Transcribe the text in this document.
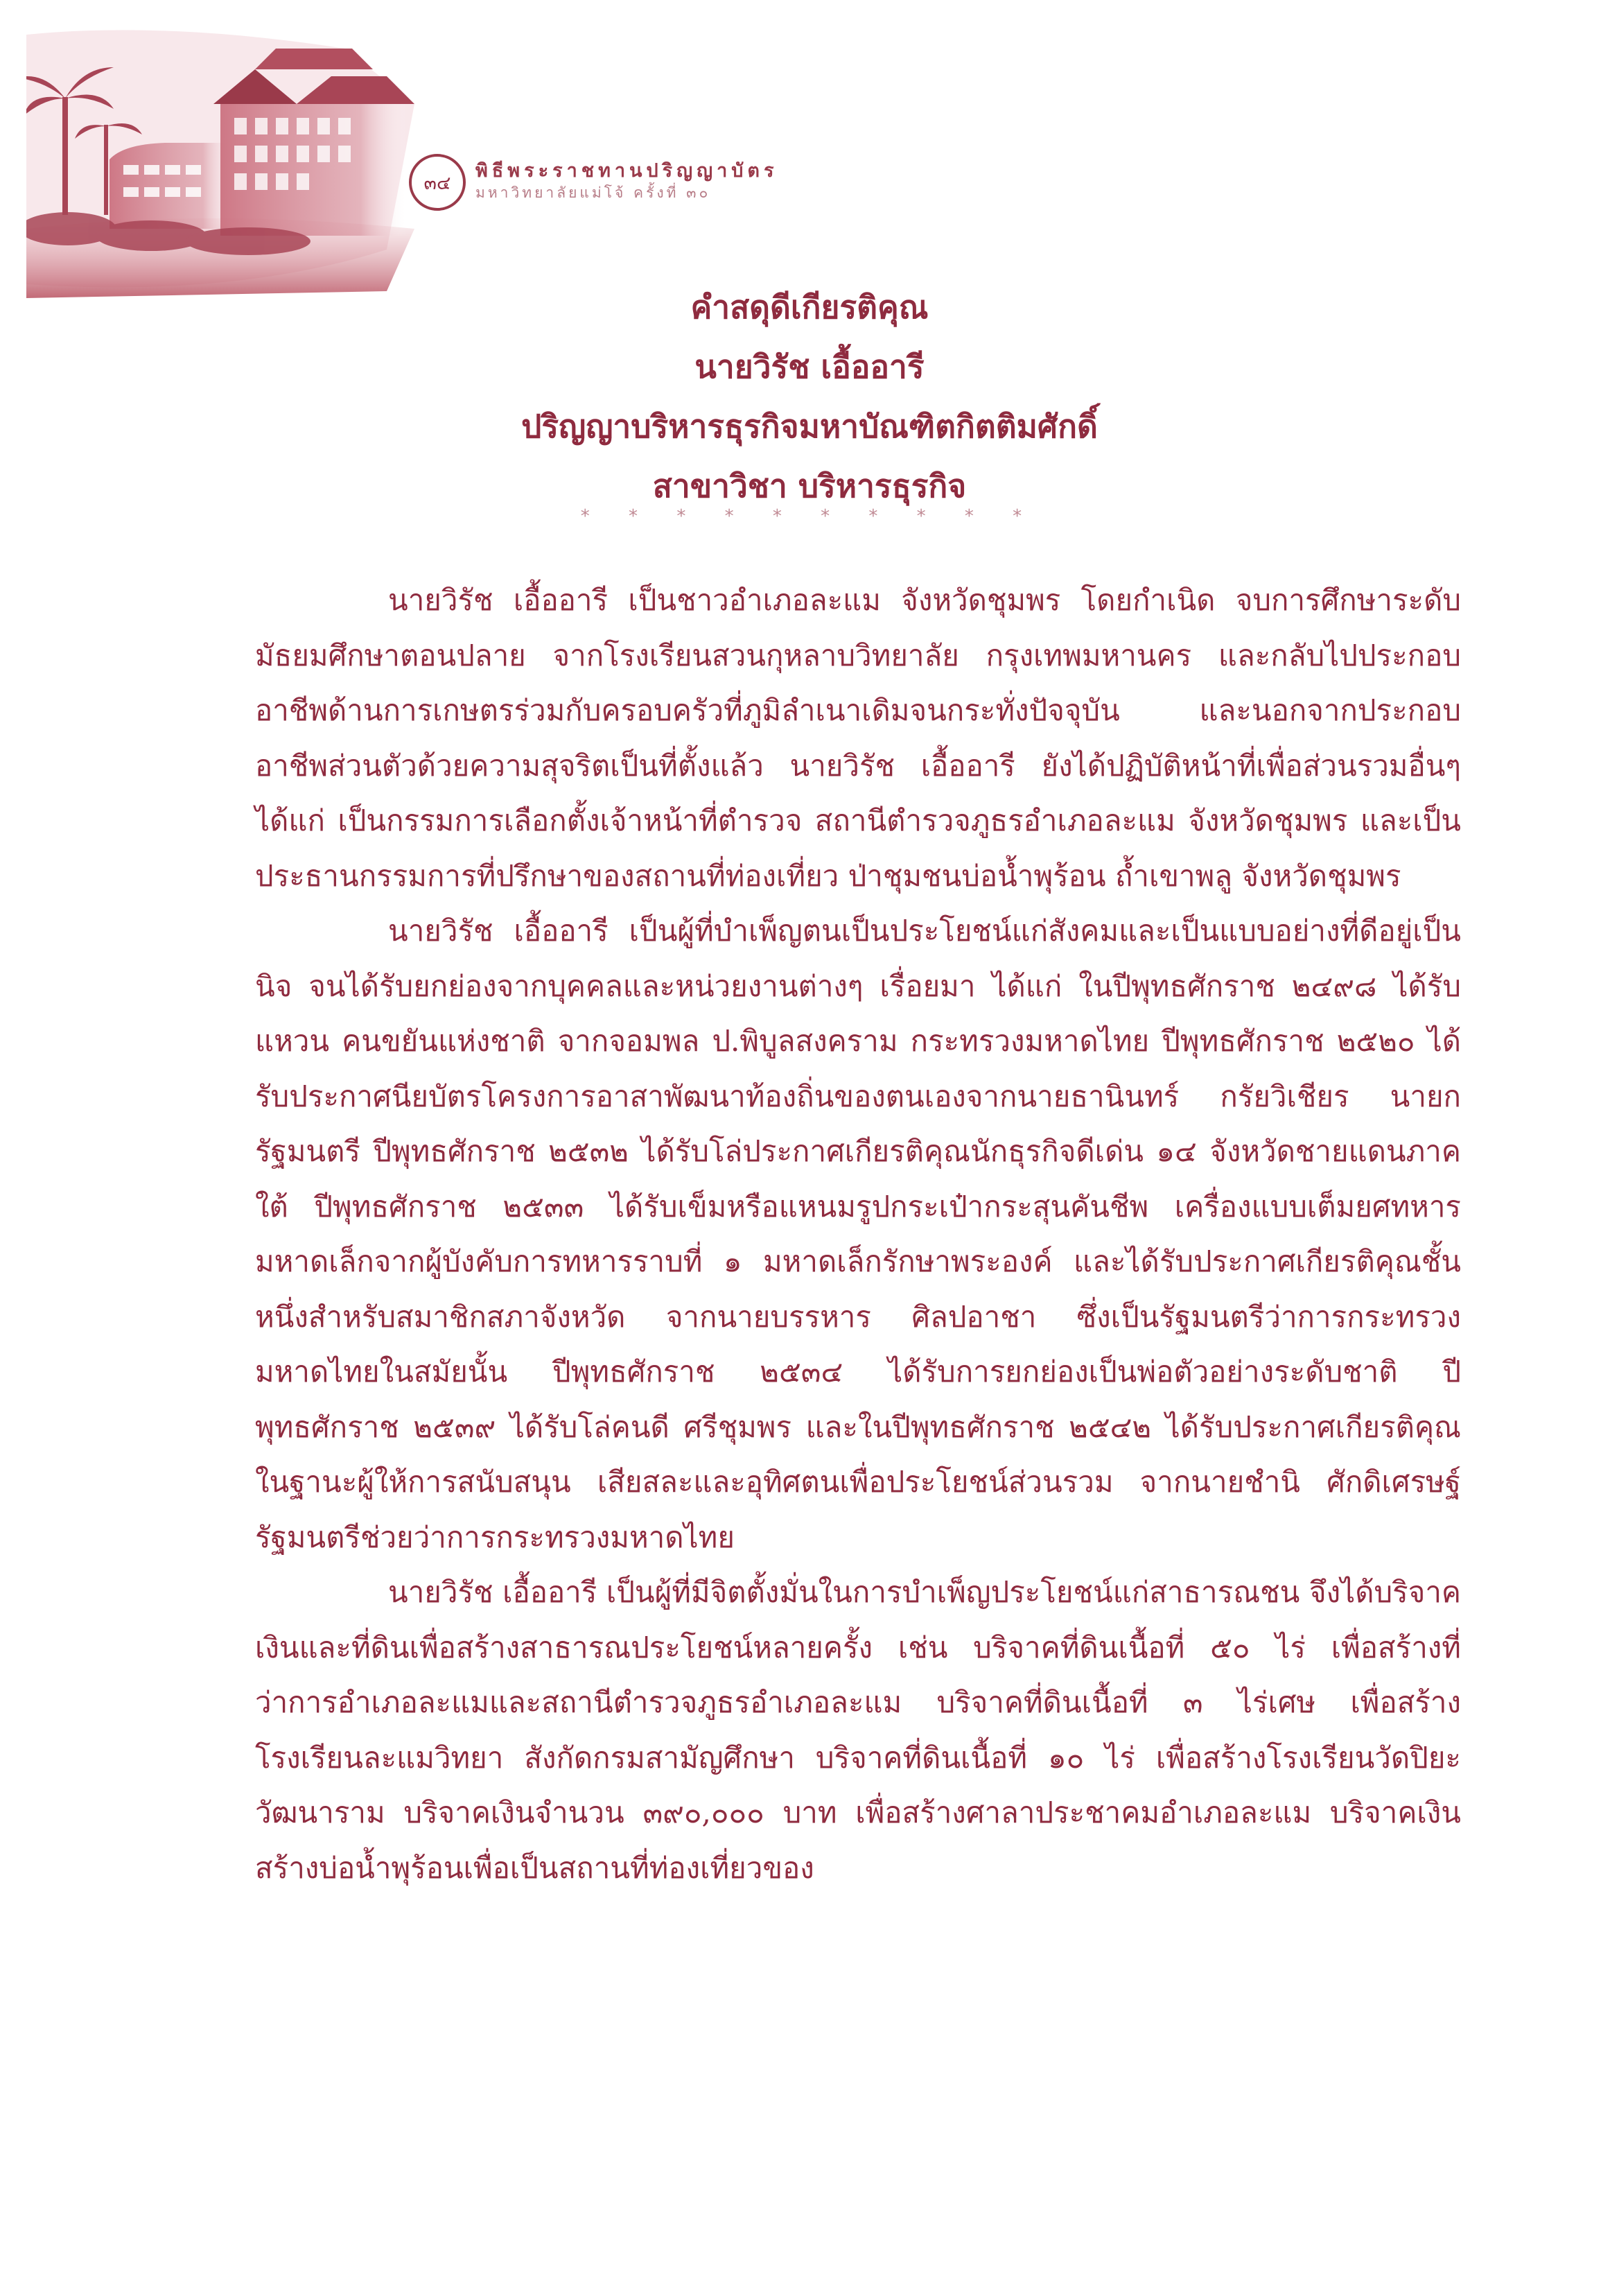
๓๔
พิธีพระราชทานปริญญาบัตร
มหาวิทยาลัยแม่โจ้ ครั้งที่ ๓๐
คำสดุดีเกียรติคุณ
นายวิรัช เอื้ออารี
ปริญญาบริหารธุรกิจมหาบัณฑิตกิตติมศักดิ์
สาขาวิชา บริหารธุรกิจ
* * * * * * * * * *

นายวิรัช เอื้ออารี เป็นชาวอำเภอละแม จังหวัดชุมพร โดยกำเนิด จบการศึกษาระดับมัธยมศึกษาตอนปลาย จากโรงเรียนสวนกุหลาบวิทยาลัย กรุงเทพมหานคร และกลับไปประกอบอาชีพด้านการเกษตรร่วมกับครอบครัวที่ภูมิลำเนาเดิมจนกระทั่งปัจจุบัน และนอกจากประกอบอาชีพส่วนตัวด้วยความสุจริตเป็นที่ตั้งแล้ว นายวิรัช เอื้ออารี ยังได้ปฏิบัติหน้าที่เพื่อส่วนรวมอื่นๆ ได้แก่ เป็นกรรมการเลือกตั้งเจ้าหน้าที่ตำรวจ สถานีตำรวจภูธรอำเภอละแม จังหวัดชุมพร และเป็นประธานกรรมการที่ปรึกษาของสถานที่ท่องเที่ยว ป่าชุมชนบ่อน้ำพุร้อน ถ้ำเขาพลู จังหวัดชุมพร

นายวิรัช เอื้ออารี เป็นผู้ที่บำเพ็ญตนเป็นประโยชน์แก่สังคมและเป็นแบบอย่างที่ดีอยู่เป็นนิจ จนได้รับยกย่องจากบุคคลและหน่วยงานต่างๆ เรื่อยมา ได้แก่ ในปีพุทธศักราช ๒๔๙๘ ได้รับแหวน คนขยันแห่งชาติ จากจอมพล ป.พิบูลสงคราม กระทรวงมหาดไทย ปีพุทธศักราช ๒๕๒๐ ได้รับประกาศนียบัตรโครงการอาสาพัฒนาท้องถิ่นของตนเองจากนายธานินทร์ กรัยวิเชียร นายกรัฐมนตรี ปีพุทธศักราช ๒๕๓๒ ได้รับโล่ประกาศเกียรติคุณนักธุรกิจดีเด่น ๑๔ จังหวัดชายแดนภาคใต้ ปีพุทธศักราช ๒๕๓๓ ได้รับเข็มหรือแหนมรูปกระเป๋ากระสุนคันชีพ เครื่องแบบเต็มยศทหารมหาดเล็กจากผู้บังคับการทหารราบที่ ๑ มหาดเล็กรักษาพระองค์ และได้รับประกาศเกียรติคุณชั้นหนึ่งสำหรับสมาชิกสภาจังหวัด จากนายบรรหาร ศิลปอาชา ซึ่งเป็นรัฐมนตรีว่าการกระทรวงมหาดไทยในสมัยนั้น ปีพุทธศักราช ๒๕๓๔ ได้รับการยกย่องเป็นพ่อตัวอย่างระดับชาติ ปีพุทธศักราช ๒๕๓๙ ได้รับโล่คนดี ศรีชุมพร และในปีพุทธศักราช ๒๕๔๒ ได้รับประกาศเกียรติคุณ ในฐานะผู้ให้การสนับสนุน เสียสละและอุทิศตนเพื่อประโยชน์ส่วนรวม จากนายชำนิ ศักดิเศรษฐ์ รัฐมนตรีช่วยว่าการกระทรวงมหาดไทย

นายวิรัช เอื้ออารี เป็นผู้ที่มีจิตตั้งมั่นในการบำเพ็ญประโยชน์แก่สาธารณชน จึงได้บริจาคเงินและที่ดินเพื่อสร้างสาธารณประโยชน์หลายครั้ง เช่น บริจาคที่ดินเนื้อที่ ๕๐ ไร่ เพื่อสร้างที่ว่าการอำเภอละแมและสถานีตำรวจภูธรอำเภอละแม บริจาคที่ดินเนื้อที่ ๓ ไร่เศษ เพื่อสร้างโรงเรียนละแมวิทยา สังกัดกรมสามัญศึกษา บริจาคที่ดินเนื้อที่ ๑๐ ไร่ เพื่อสร้างโรงเรียนวัดปิยะวัฒนาราม บริจาคเงินจำนวน ๓๙๐,๐๐๐ บาท เพื่อสร้างศาลาประชาคมอำเภอละแม บริจาคเงินสร้างบ่อน้ำพุร้อนเพื่อเป็นสถานที่ท่องเที่ยวของ
